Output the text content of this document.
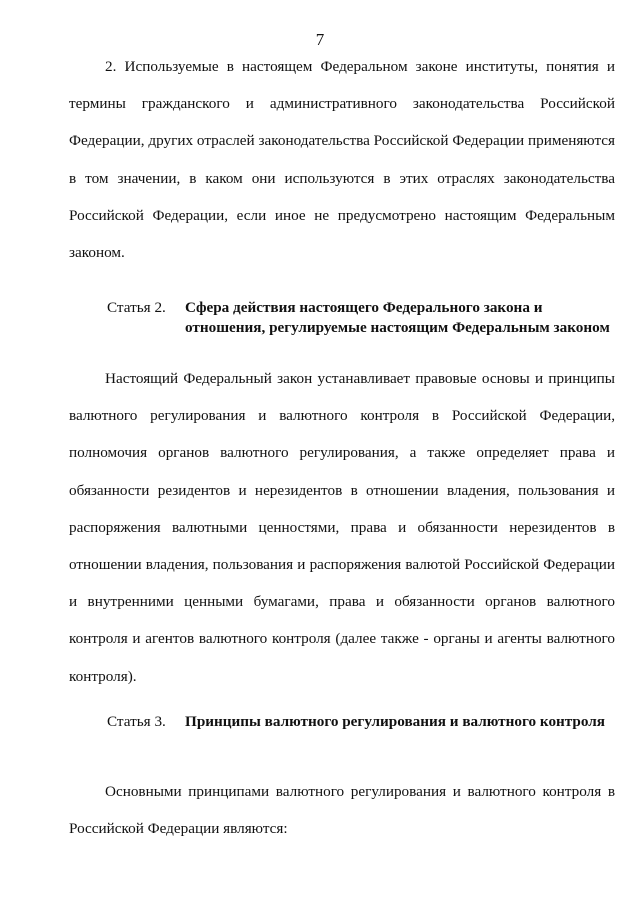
7
2. Используемые в настоящем Федеральном законе институты, понятия и термины гражданского и административного законодательства Российской Федерации, других отраслей законодательства Российской Федерации применяются в том значении, в каком они используются в этих отраслях законодательства Российской Федерации, если иное не предусмотрено настоящим Федеральным законом.
Статья 2. Сфера действия настоящего Федерального закона и
отношения, регулируемые настоящим Федеральным законом
Настоящий Федеральный закон устанавливает правовые основы и принципы валютного регулирования и валютного контроля в Российской Федерации, полномочия органов валютного регулирования, а также определяет права и обязанности резидентов и нерезидентов в отношении владения, пользования и распоряжения валютными ценностями, права и обязанности нерезидентов в отношении владения, пользования и распоряжения валютой Российской Федерации и внутренними ценными бумагами, права и обязанности органов валютного контроля и агентов валютного контроля (далее также - органы и агенты валютного контроля).
Статья 3. Принципы валютного регулирования и валютного контроля
Основными принципами валютного регулирования и валютного контроля в Российской Федерации являются:
